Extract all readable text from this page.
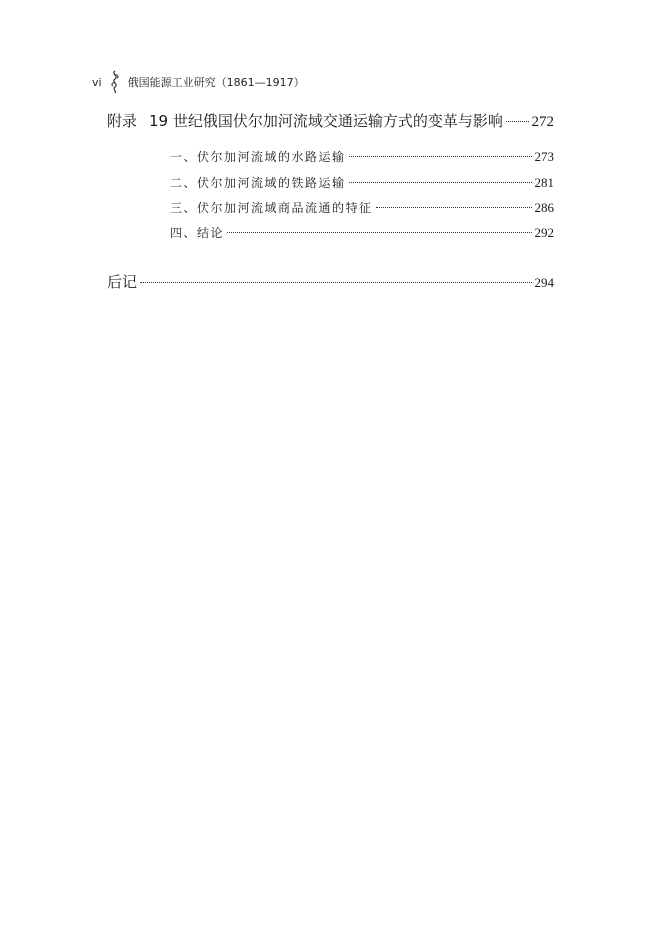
vi 俄国能源工业研究（1861—1917）
附录 19 世纪俄国伏尔加河流域交通运输方式的变革与影响 272
一、伏尔加河流域的水路运输	273
二、伏尔加河流域的铁路运输	281
三、伏尔加河流域商品流通的特征	286
四、结论	292
后记	294
